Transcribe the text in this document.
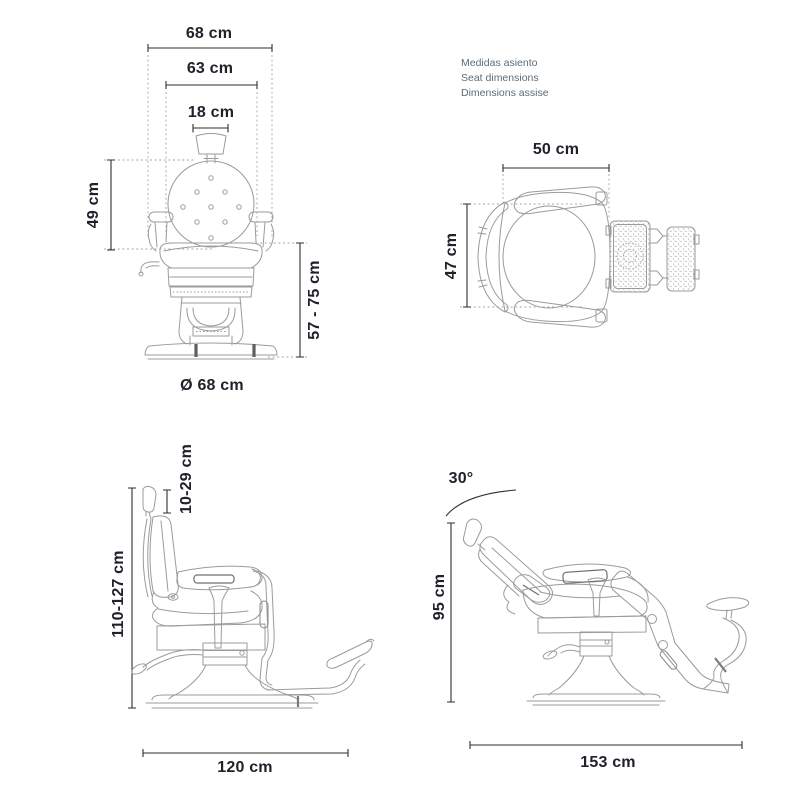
68 cm
63 cm
18 cm
49 cm
57 - 75 cm
Ø 68 cm
Medidas asiento
Seat dimensions
Dimensions assise
50 cm
47 cm
10-29 cm
110-127 cm
120 cm
30°
95 cm
153 cm
